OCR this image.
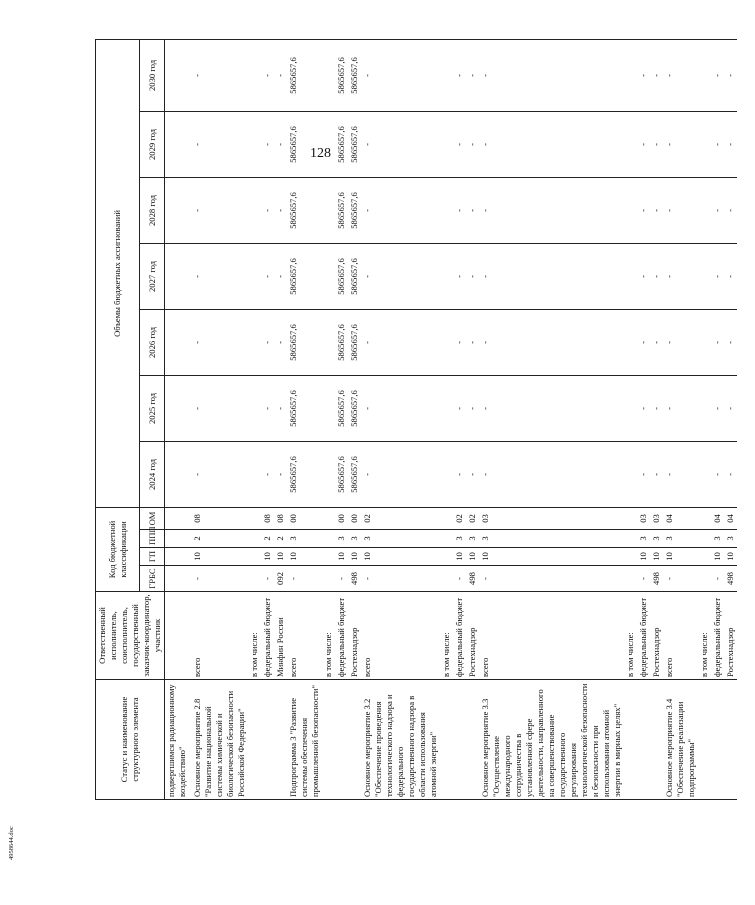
128
4958644.doc
Статус и наименование структурного элемента	Ответственный исполнитель, соисполнитель, государственный заказчик-координатор, участник	Код бюджетной классификации				Объемы бюджетных ассигнований						
		ГРБС	ГП	ППП	ОМ	2024 год	2025 год	2026 год	2027 год	2028 год	2029 год	2030 год
подвергшимся радиационному воздействию"												

Основное мероприятие 2.8 "Развитие национальной системы химической и биологической безопасности Российской Федерации"	всего	-	10	2	08	-	-	-	-	-	-	-
	в том числе:											
	федеральный бюджет	-	10	2	08	-	-	-	-	-	-	-
	Минфин России	092	10	2	08	-	-	-	-	-	-	-
Подпрограмма 3 "Развитие системы обеспечения промышленной безопасности"	всего	-	10	3	00	5865657,6	5865657,6	5865657,6	5865657,6	5865657,6	5865657,6	5865657,6
	в том числе:											
	федеральный бюджет	-	10	3	00	5865657,6	5865657,6	5865657,6	5865657,6	5865657,6	5865657,6	5865657,6
	Ростехнадзор	498	10	3	00	5865657,6	5865657,6	5865657,6	5865657,6	5865657,6	5865657,6	5865657,6
Основное мероприятие 3.2 "Обеспечение проведения технологического надзора и федерального государственного надзора в области использования атомной энергии"	всего	-	10	3	02	-	-	-	-	-	-	-
	в том числе:											
	федеральный бюджет	-	10	3	02	-	-	-	-	-	-	-
	Ростехнадзор	498	10	3	02	-	-	-	-	-	-	-
Основное мероприятие 3.3 "Осуществление международного сотрудничества в установленной сфере деятельности, направленного на совершенствование государственного регулирования технологической безопасности и безопасности при использовании атомной энергии в мирных целях"	всего	-	10	3	03	-	-	-	-	-	-	-
	в том числе:											
	федеральный бюджет	-	10	3	03	-	-	-	-	-	-	-
	Ростехнадзор	498	10	3	03	-	-	-	-	-	-	-
Основное мероприятие 3.4 "Обеспечение реализации подпрограммы"	всего	-	10	3	04	-	-	-	-	-	-	-
	в том числе:											
	федеральный бюджет	-	10	3	04	-	-	-	-	-	-	-
	Ростехнадзор	498	10	3	04	-	-	-	-	-	-	-
